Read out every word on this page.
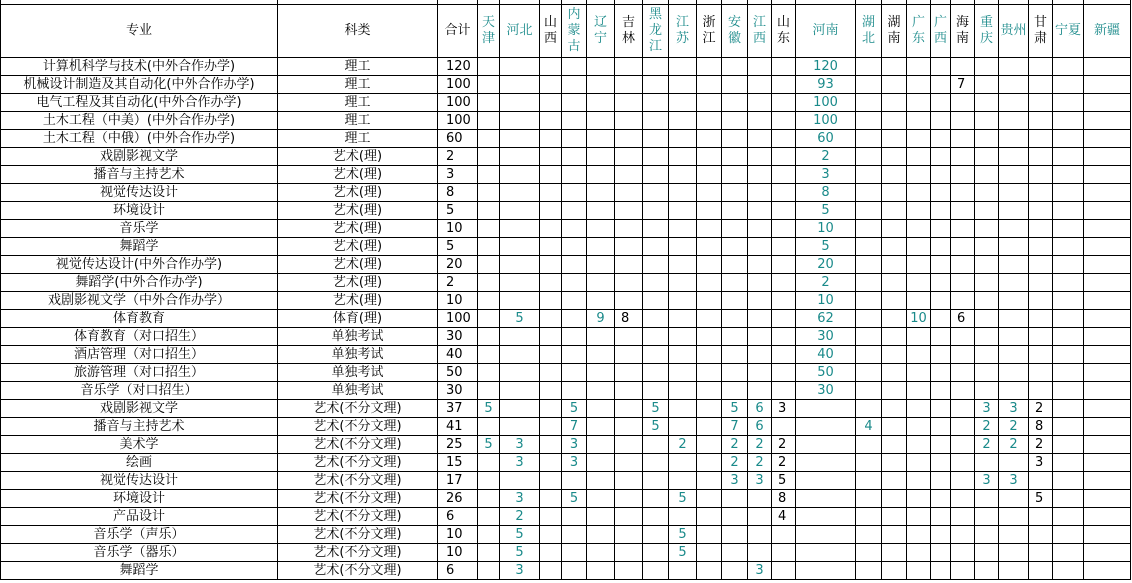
专业	科类	合计	天津	河北	山西	内蒙古	辽宁	吉林	黑龙江	江苏	浙江	安徽	江西	山东	河南	湖北	湖南	广东	广西	海南	重庆	贵州	甘肃	宁夏	新疆
计算机科学与技术(中外合作办学)	理工	120													120										
机械设计制造及其自动化(中外合作办学)	理工	100													93					7					
电气工程及其自动化(中外合作办学)	理工	100													100										
土木工程（中美）(中外合作办学)	理工	100													100										
土木工程（中俄）(中外合作办学)	理工	60													60										
戏剧影视文学	艺术(理)	2													2										
播音与主持艺术	艺术(理)	3													3										
视觉传达设计	艺术(理)	8													8										
环境设计	艺术(理)	5													5										
音乐学	艺术(理)	10													10										
舞蹈学	艺术(理)	5													5										
视觉传达设计(中外合作办学)	艺术(理)	20													20										
舞蹈学(中外合作办学)	艺术(理)	2													2										
戏剧影视文学（中外合作办学）	艺术(理)	10													10										
体育教育	体育(理)	100		5			9	8							62			10		6					
体育教育（对口招生）	单独考试	30													30										
酒店管理（对口招生）	单独考试	40													40										
旅游管理（对口招生）	单独考试	50													50										
音乐学（对口招生）	单独考试	30													30										
戏剧影视文学	艺术(不分文理)	37	5			5			5			5	6	3							3	3	2		
播音与主持艺术	艺术(不分文理)	41				7			5			7	6			4					2	2	8		
美术学	艺术(不分文理)	25	5	3		3				2		2	2	2							2	2	2		
绘画	艺术(不分文理)	15		3		3						2	2	2									3		
视觉传达设计	艺术(不分文理)	17										3	3	5							3	3			
环境设计	艺术(不分文理)	26		3		5				5				8									5		
产品设计	艺术(不分文理)	6		2										4											
音乐学（声乐）	艺术(不分文理)	10		5						5															
音乐学（器乐）	艺术(不分文理)	10		5						5															
舞蹈学	艺术(不分文理)	6		3									3												
